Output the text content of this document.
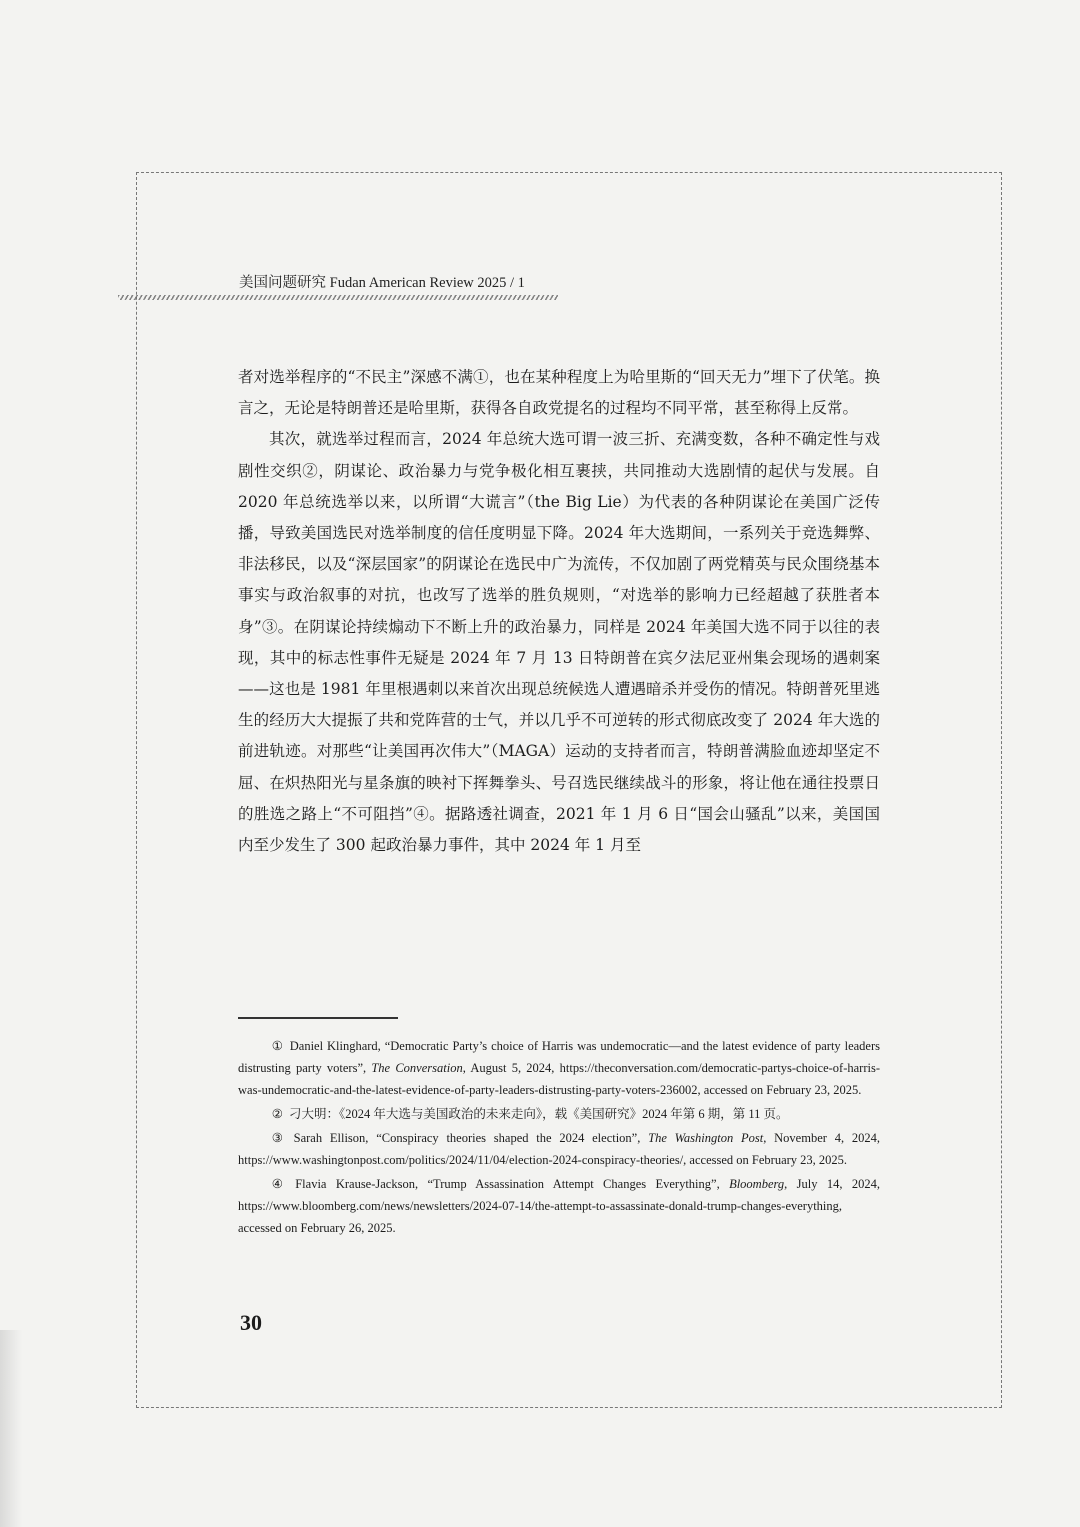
美国问题研究 Fudan American Review 2025 / 1

者对选举程序的“不民主”深感不满①，也在某种程度上为哈里斯的“回天无力”埋下了伏笔。换言之，无论是特朗普还是哈里斯，获得各自政党提名的过程均不同平常，甚至称得上反常。

其次，就选举过程而言，2024 年总统大选可谓一波三折、充满变数，各种不确定性与戏剧性交织②，阴谋论、政治暴力与党争极化相互裹挟，共同推动大选剧情的起伏与发展。自 2020 年总统选举以来，以所谓“大谎言”（the Big Lie）为代表的各种阴谋论在美国广泛传播，导致美国选民对选举制度的信任度明显下降。2024 年大选期间，一系列关于竞选舞弊、非法移民，以及“深层国家”的阴谋论在选民中广为流传，不仅加剧了两党精英与民众围绕基本事实与政治叙事的对抗，也改写了选举的胜负规则，“对选举的影响力已经超越了获胜者本身”③。在阴谋论持续煽动下不断上升的政治暴力，同样是 2024 年美国大选不同于以往的表现，其中的标志性事件无疑是 2024 年 7 月 13 日特朗普在宾夕法尼亚州集会现场的遇刺案——这也是 1981 年里根遇刺以来首次出现总统候选人遭遇暗杀并受伤的情况。特朗普死里逃生的经历大大提振了共和党阵营的士气，并以几乎不可逆转的形式彻底改变了 2024 年大选的前进轨迹。对那些“让美国再次伟大”（MAGA）运动的支持者而言，特朗普满脸血迹却坚定不屈、在炽热阳光与星条旗的映衬下挥舞拳头、号召选民继续战斗的形象，将让他在通往投票日的胜选之路上“不可阻挡”④。据路透社调查，2021 年 1 月 6 日“国会山骚乱”以来，美国国内至少发生了 300 起政治暴力事件，其中 2024 年 1 月至

① Daniel Klinghard, “Democratic Party’s choice of Harris was undemocratic—and the latest evidence of party leaders distrusting party voters”, The Conversation, August 5, 2024, https://theconversation.com/democratic-partys-choice-of-harris-was-undemocratic-and-the-latest-evidence-of-party-leaders-distrusting-party-voters-236002, accessed on February 23, 2025.

② 刁大明：《2024 年大选与美国政治的未来走向》，载《美国研究》2024 年第 6 期，第 11 页。

③ Sarah Ellison, “Conspiracy theories shaped the 2024 election”, The Washington Post, November 4, 2024, https://www.washingtonpost.com/politics/2024/11/04/election-2024-conspiracy-theories/, accessed on February 23, 2025.

④ Flavia Krause-Jackson, “Trump Assassination Attempt Changes Everything”, Bloomberg, July 14, 2024, https://www.bloomberg.com/news/newsletters/2024-07-14/the-attempt-to-assassinate-donald-trump-changes-everything, accessed on February 26, 2025.

30
